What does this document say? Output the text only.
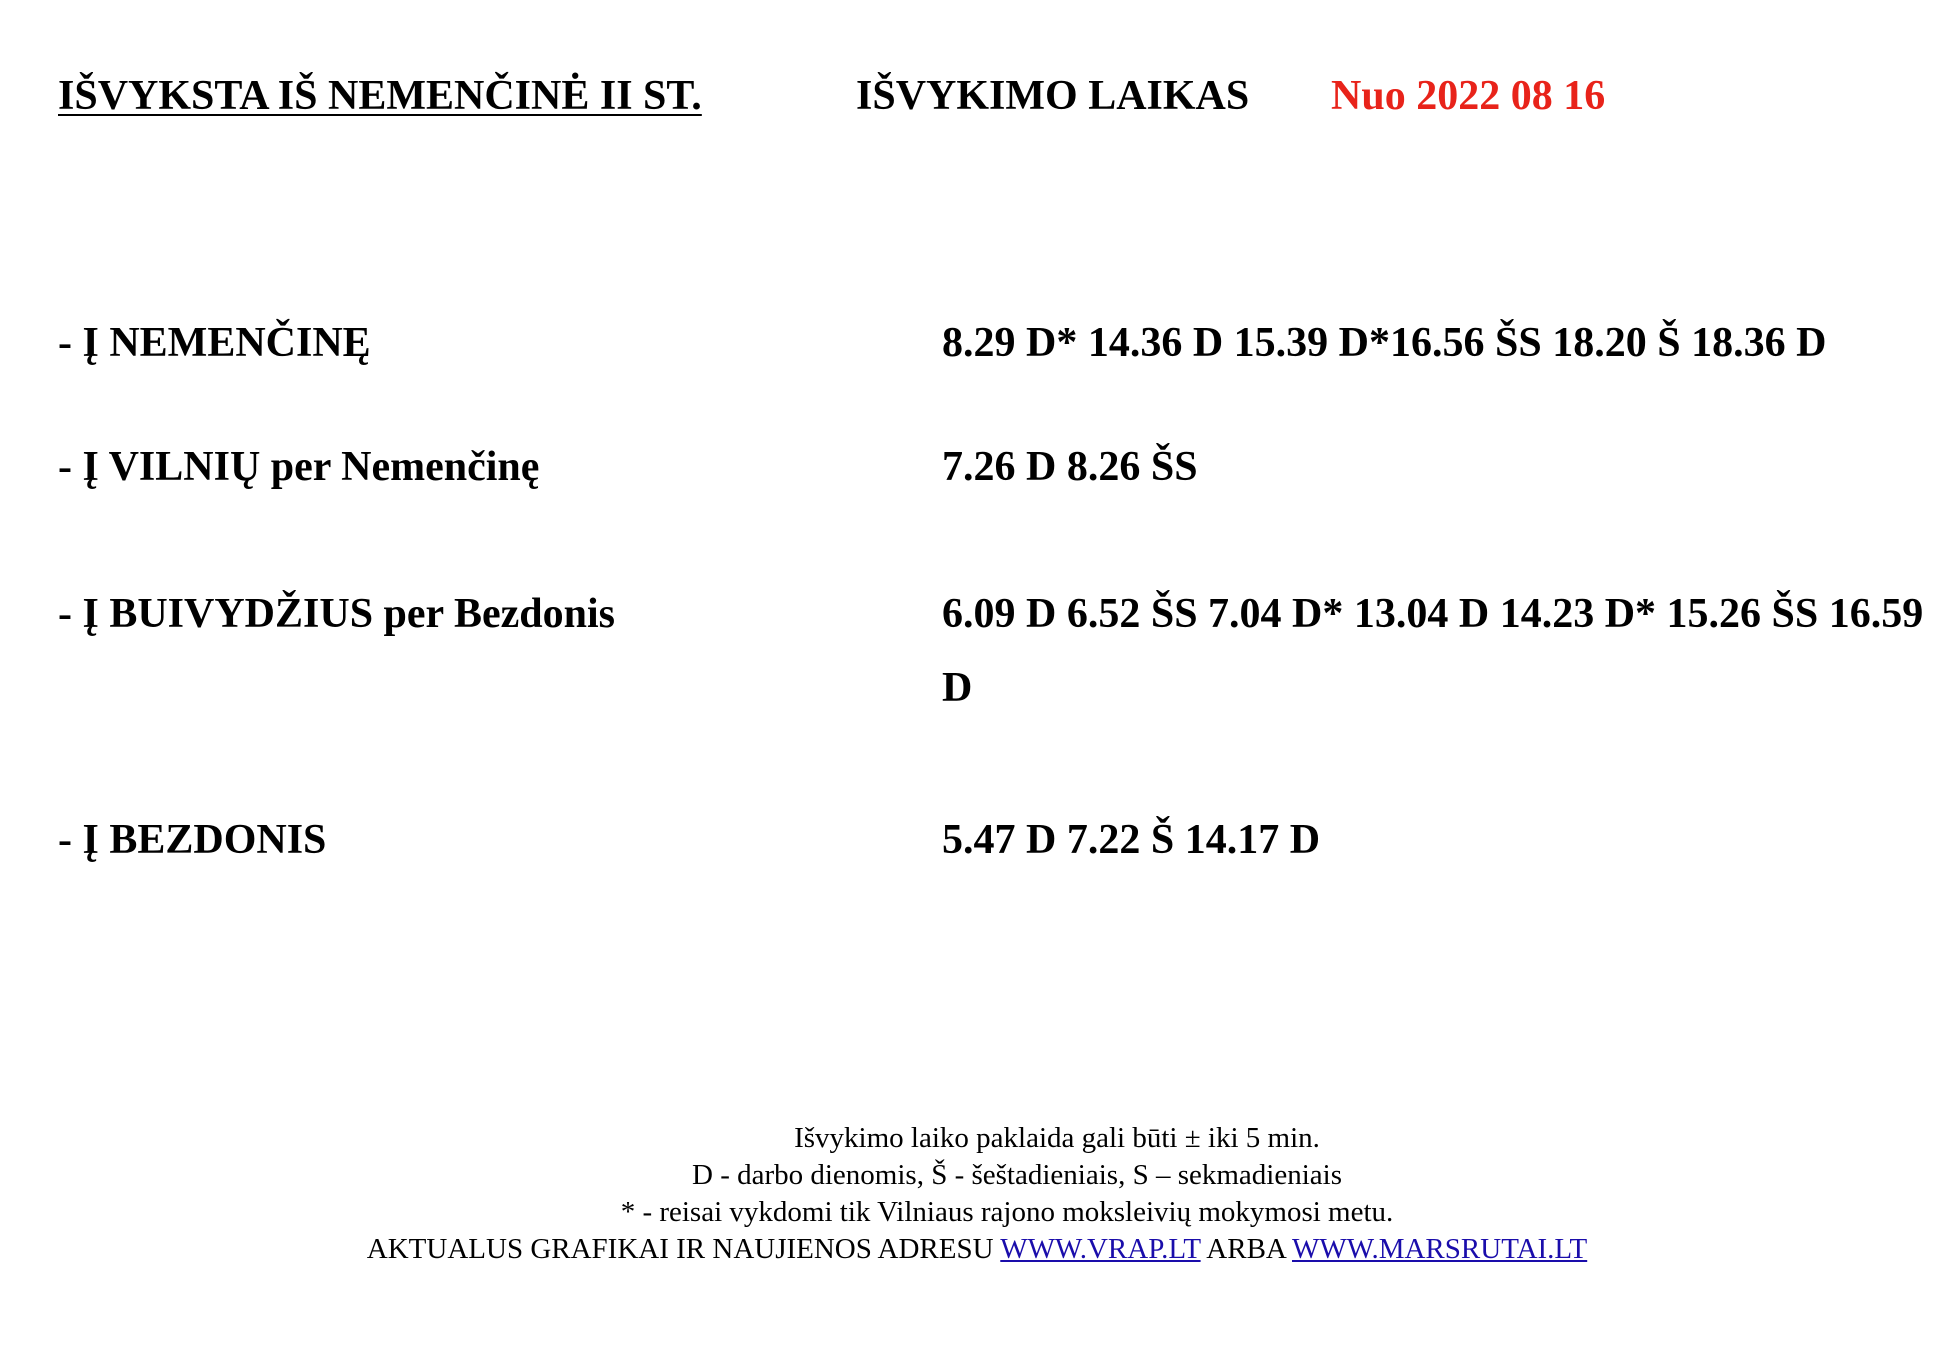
IŠVYKSTA IŠ NEMENČINĖ II ST.	IŠVYKIMO LAIKAS Nuo 2022 08 16
- Į NEMENČINĘ	8.29 D* 14.36 D 15.39 D*16.56 ŠS 18.20 Š 18.36 D
- Į VILNIŲ per Nemenčinę	7.26 D 8.26 ŠS
- Į BUIVYDŽIUS per Bezdonis	6.09 D 6.52 ŠS 7.04 D* 13.04 D 14.23 D* 15.26 ŠS 16.59 D
- Į BEZDONIS	5.47 D 7.22 Š 14.17 D
Išvykimo laiko paklaida gali būti ± iki 5 min.
D - darbo dienomis, Š - šeštadieniais, S – sekmadieniais
* - reisai vykdomi tik Vilniaus rajono moksleivių mokymosi metu.
AKTUALUS GRAFIKAI IR NAUJIENOS ADRESU WWW.VRAP.LT ARBA WWW.MARSRUTAI.LT
